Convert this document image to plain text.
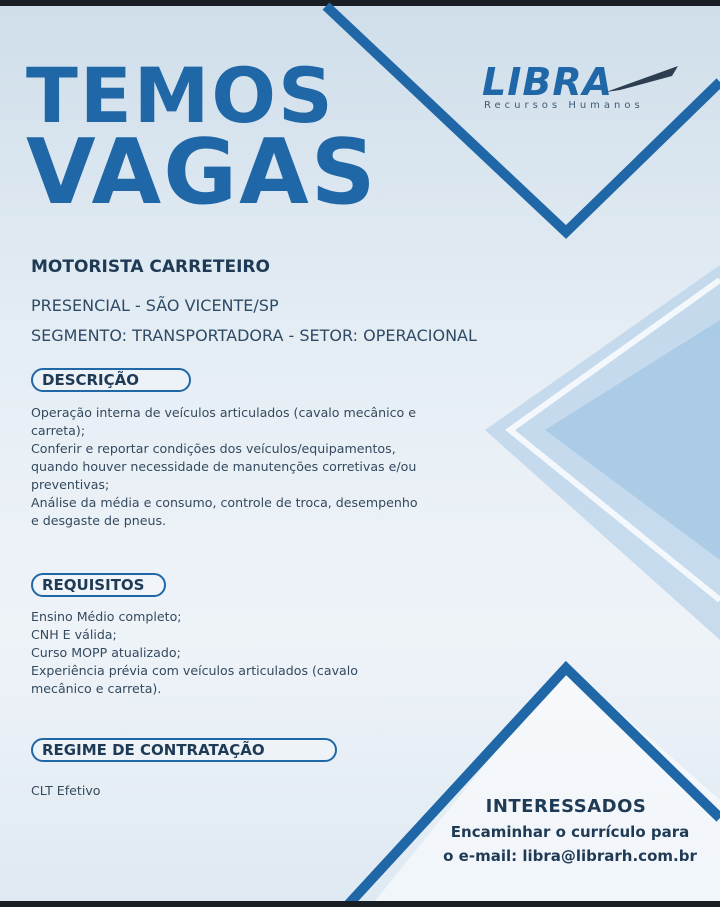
TEMOS
VAGAS
LIBRA
Recursos Humanos
MOTORISTA CARRETEIRO
PRESENCIAL - SÃO VICENTE/SP
SEGMENTO: TRANSPORTADORA - SETOR: OPERACIONAL
DESCRIÇÃO
Operação interna de veículos articulados (cavalo mecânico e
carreta);
Conferir e reportar condições dos veículos/equipamentos,
quando houver necessidade de manutenções corretivas e/ou
preventivas;
Análise da média e consumo, controle de troca, desempenho
e desgaste de pneus.
REQUISITOS
Ensino Médio completo;
CNH E válida;
Curso MOPP atualizado;
Experiência prévia com veículos articulados (cavalo
mecânico e carreta).
REGIME DE CONTRATAÇÃO
CLT Efetivo
INTERESSADOS
Encaminhar o currículo para
o e-mail: libra@librarh.com.br
